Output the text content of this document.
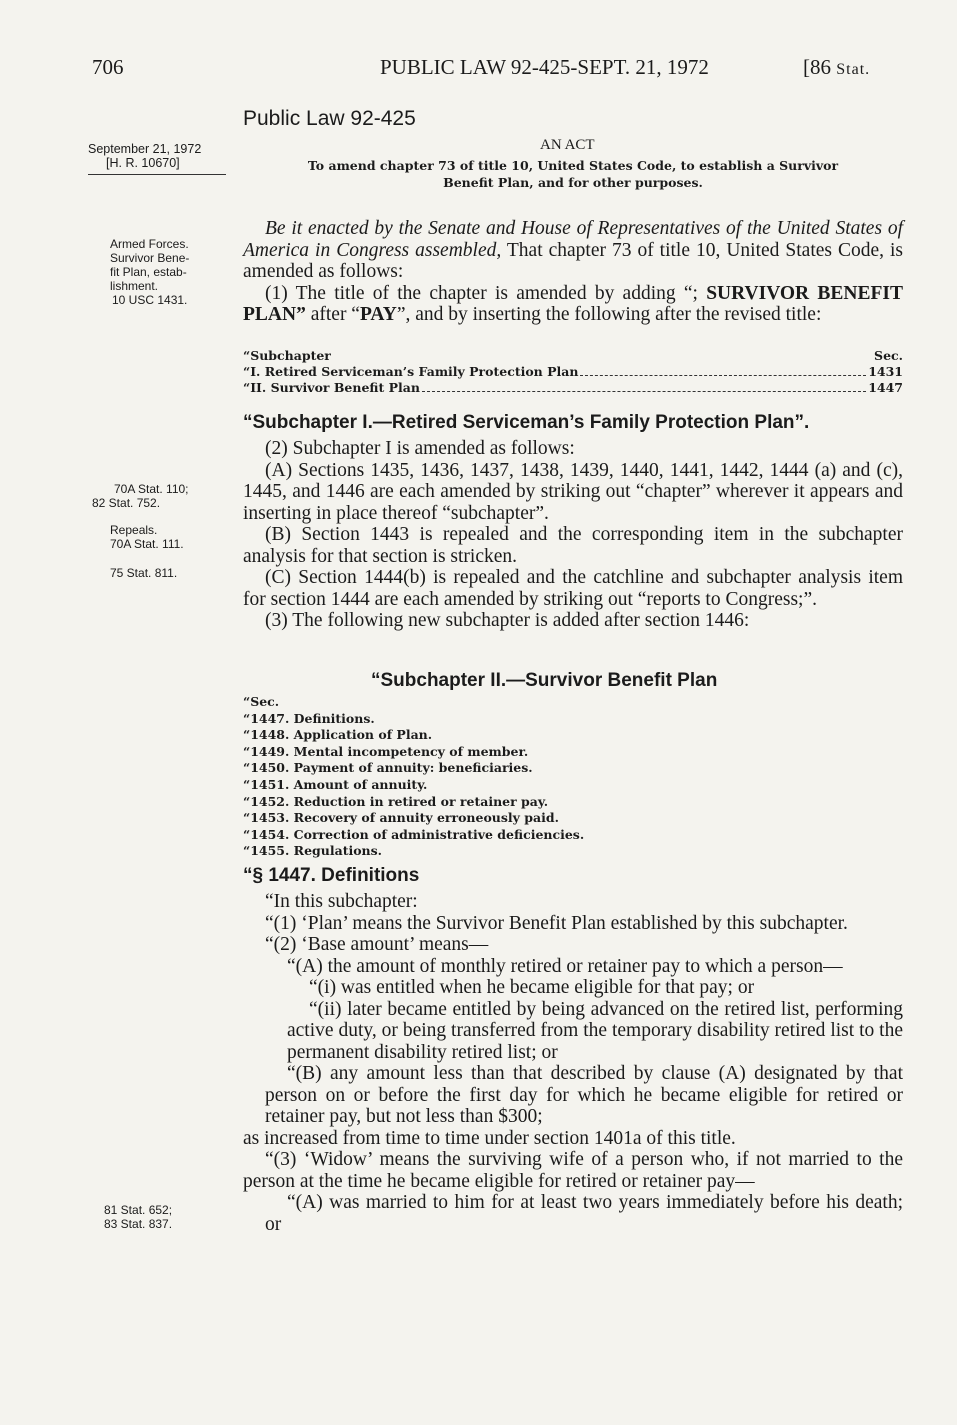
706	PUBLIC LAW 92-425-SEPT. 21, 1972	[86 Stat.
Public Law 92-425
September 21, 1972
[H. R. 10670]
Armed Forces.
Survivor Bene-
fit Plan, estab-
lishment.
10 USC 1431.
70A Stat. 110;
82 Stat. 752.
Repeals.
70A Stat. 111.
75 Stat. 811.
81 Stat. 652;
83 Stat. 837.
AN ACT
To amend chapter 73 of title 10, United States Code, to establish a Survivor
Benefit Plan, and for other purposes.

Be it enacted by the Senate and House of Representatives of the United States of America in Congress assembled, That chapter 73 of title 10, United States Code, is amended as follows:

(1) The title of the chapter is amended by adding “; SURVIVOR BENEFIT PLAN” after “PAY”, and by inserting the following after the revised title:

“Subchapter	Sec.
“I. Retired Serviceman’s Family Protection Plan	1431
“II. Survivor Benefit Plan	1447
“Subchapter I.—Retired Serviceman’s Family Protection Plan”.

(2) Subchapter I is amended as follows:

(A) Sections 1435, 1436, 1437, 1438, 1439, 1440, 1441, 1442, 1444 (a) and (c), 1445, and 1446 are each amended by striking out “chapter” wherever it appears and inserting in place thereof “subchapter”.

(B) Section 1443 is repealed and the corresponding item in the subchapter analysis for that section is stricken.

(C) Section 1444(b) is repealed and the catchline and subchapter analysis item for section 1444 are each amended by striking out “reports to Congress;”.

(3) The following new subchapter is added after section 1446:

“Subchapter II.—Survivor Benefit Plan
“Sec.
“1447. Definitions.
“1448. Application of Plan.
“1449. Mental incompetency of member.
“1450. Payment of annuity: beneficiaries.
“1451. Amount of annuity.
“1452. Reduction in retired or retainer pay.
“1453. Recovery of annuity erroneously paid.
“1454. Correction of administrative deficiencies.
“1455. Regulations.
“§ 1447. Definitions

“In this subchapter:

“(1) ‘Plan’ means the Survivor Benefit Plan established by this subchapter.

“(2) ‘Base amount’ means—

“(A) the amount of monthly retired or retainer pay to which a person—

“(i) was entitled when he became eligible for that pay; or

“(ii) later became entitled by being advanced on the retired list, performing active duty, or being transferred from the temporary disability retired list to the permanent disability retired list; or

“(B) any amount less than that described by clause (A) designated by that person on or before the first day for which he became eligible for retired or retainer pay, but not less than $300;

as increased from time to time under section 1401a of this title.

“(3) ‘Widow’ means the surviving wife of a person who, if not married to the person at the time he became eligible for retired or retainer pay—

“(A) was married to him for at least two years immediately before his death; or
